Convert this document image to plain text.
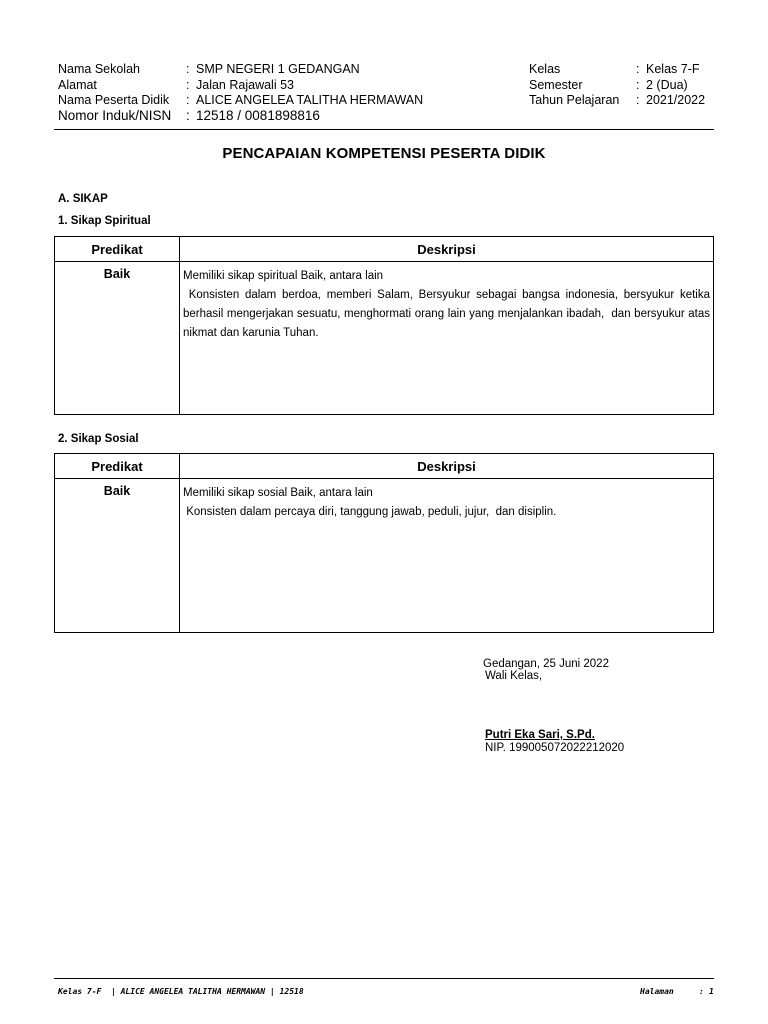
Nama Sekolah	: SMP NEGERI 1 GEDANGAN
Alamat	: Jalan Rajawali 53
Nama Peserta Didik : ALICE ANGELEA TALITHA HERMAWAN
Nomor Induk/NISN : 12518 / 0081898816
Kelas	: Kelas 7-F
Semester	: 2 (Dua)
Tahun Pelajaran : 2021/2022
PENCAPAIAN KOMPETENSI PESERTA DIDIK
A. SIKAP
1. Sikap Spiritual
Predikat	Deskripsi
Baik	Memiliki sikap spiritual Baik, antara lain
Konsisten dalam berdoa, memberi Salam, Bersyukur sebagai bangsa indonesia, bersyukur ketika berhasil mengerjakan sesuatu, menghormati orang lain yang menjalankan ibadah,  dan bersyukur atas nikmat dan karunia Tuhan.
2. Sikap Sosial
Predikat	Deskripsi
Baik	Memiliki sikap sosial Baik, antara lain
Konsisten dalam percaya diri, tanggung jawab, peduli, jujur,  dan disiplin.
Gedangan, 25 Juni 2022
Wali Kelas,
Putri Eka Sari, S.Pd.
NIP. 199005072022212020
Kelas 7-F  | ALICE ANGELEA TALITHA HERMAWAN | 12518	Halaman	: 1
